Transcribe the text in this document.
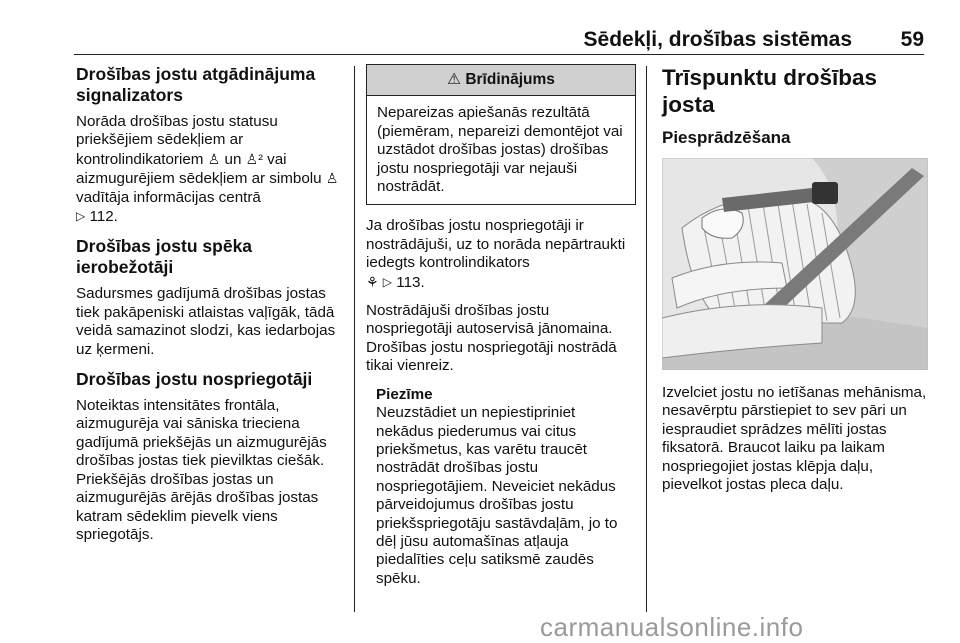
Sēdekļi, drošības sistēmas 59
Drošības jostu atgādinājuma signalizators

Norāda drošības jostu statusu priekšējiem sēdekļiem ar kontrolindikatoriem ♙ un ♙² vai aizmugurējiem sēdekļiem ar simbolu ♙ vadītāja informācijas centrā
▷ 112.

Drošības jostu spēka ierobežotāji

Sadursmes gadījumā drošības jostas tiek pakāpeniski atlaistas vaļīgāk, tādā veidā samazinot slodzi, kas iedarbojas uz ķermeni.

Drošības jostu nospriegotāji

Noteiktas intensitātes frontāla, aizmugurēja vai sāniska trieciena gadījumā priekšējās un aizmugurējās drošības jostas tiek pievilktas ciešāk. Priekšējās drošības jostas un aizmugurējās ārējās drošības jostas katram sēdeklim pievelk viens spriegotājs.

⚠ Brīdinājums
Nepareizas apiešanās rezultātā (piemēram, nepareizi demontējot vai uzstādot drošības jostas) drošības jostu nospriegotāji var nejauši nostrādāt.

Ja drošības jostu nospriegotāji ir nostrādājuši, uz to norāda nepārtraukti iedegts kontrolindikators
⚘ ▷ 113.

Nostrādājuši drošības jostu nospriegotāji autoservisā jānomaina. Drošības jostu nospriegotāji nostrādā tikai vienreiz.

Piezīme
Neuzstādiet un nepiestipriniet nekādus piederumus vai citus priekšmetus, kas varētu traucēt nostrādāt drošības jostu nospriegotājiem. Neveiciet nekādus pārveidojumus drošības jostu priekšspriegotāju sastāvdaļām, jo to dēļ jūsu automašīnas atļauja piedalīties ceļu satiksmē zaudēs spēku.
Trīspunktu drošības josta
Piesprādzēšana

Izvelciet jostu no ietīšanas mehānisma, nesavērptu pārstiepiet to sev pāri un iespraudiet sprādzes mēlīti jostas fiksatorā. Braucot laiku pa laikam nospriegojiet jostas klēpja daļu, pievelkot jostas pleca daļu.

carmanualsonline.info
